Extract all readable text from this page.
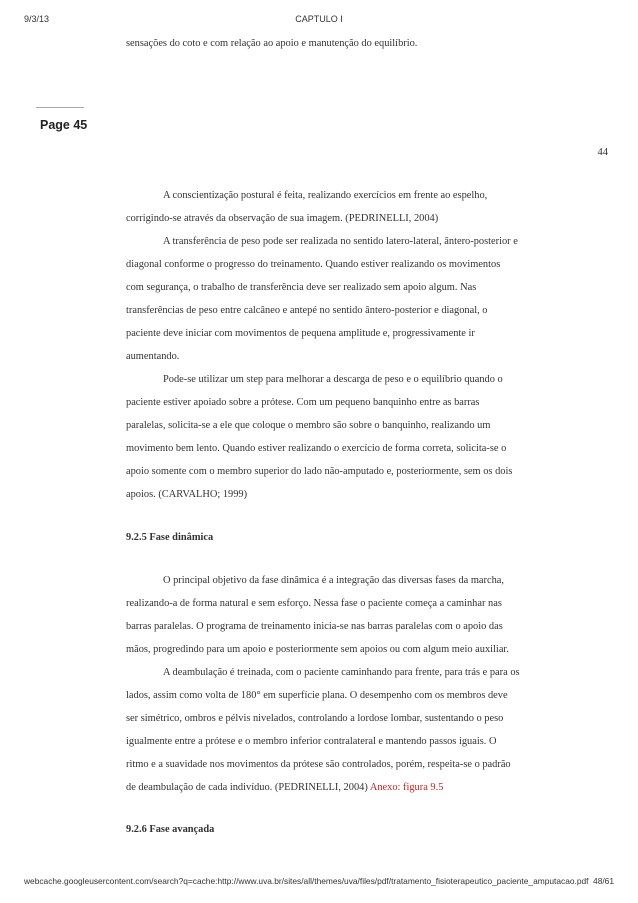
9/3/13	CAPTULO I
sensações do coto e com relação ao apoio e manutenção do equilíbrio.
Page 45
44
A conscientização postural é feita, realizando exercícios em frente ao espelho,
corrigindo-se através da observação de sua imagem. (PEDRINELLI, 2004)
A transferência de peso pode ser realizada no sentido latero-lateral, ântero-posterior e
diagonal conforme o progresso do treinamento. Quando estiver realizando os movimentos
com segurança, o trabalho de transferência deve ser realizado sem apoio algum. Nas
transferências de peso entre calcâneo e antepé no sentido ântero-posterior e diagonal, o
paciente deve iniciar com movimentos de pequena amplitude e, progressivamente ir
aumentando.
Pode-se utilizar um step para melhorar a descarga de peso e o equilíbrio quando o
paciente estiver apoiado sobre a prótese. Com um pequeno banquinho entre as barras
paralelas, solicita-se a ele que coloque o membro são sobre o banquinho, realizando um
movimento bem lento. Quando estiver realizando o exercício de forma correta, solicita-se o
apoio somente com o membro superior do lado não-amputado e, posteriormente, sem os dois
apoios. (CARVALHO; 1999)
9.2.5 Fase dinâmica
O principal objetivo da fase dinâmica é a integração das diversas fases da marcha,
realizando-a de forma natural e sem esforço. Nessa fase o paciente começa a caminhar nas
barras paralelas. O programa de treinamento inicia-se nas barras paralelas com o apoio das
mãos, progredindo para um apoio e posteriormente sem apoios ou com algum meio auxiliar.
A deambulação é treinada, com o paciente caminhando para frente, para trás e para os
lados, assim como volta de 180° em superfície plana. O desempenho com os membros deve
ser simétrico, ombros e pélvis nivelados, controlando a lordose lombar, sustentando o peso
igualmente entre a prótese e o membro inferior contralateral e mantendo passos iguais. O
ritmo e a suavidade nos movimentos da prótese são controlados, porém, respeita-se o padrão
de deambulação de cada indivíduo. (PEDRINELLI, 2004) Anexo: figura 9.5
9.2.6 Fase avançada
webcache.googleusercontent.com/search?q=cache:http://www.uva.br/sites/all/themes/uva/files/pdf/tratamento_fisioterapeutico_paciente_amputacao.pdf 48/61
